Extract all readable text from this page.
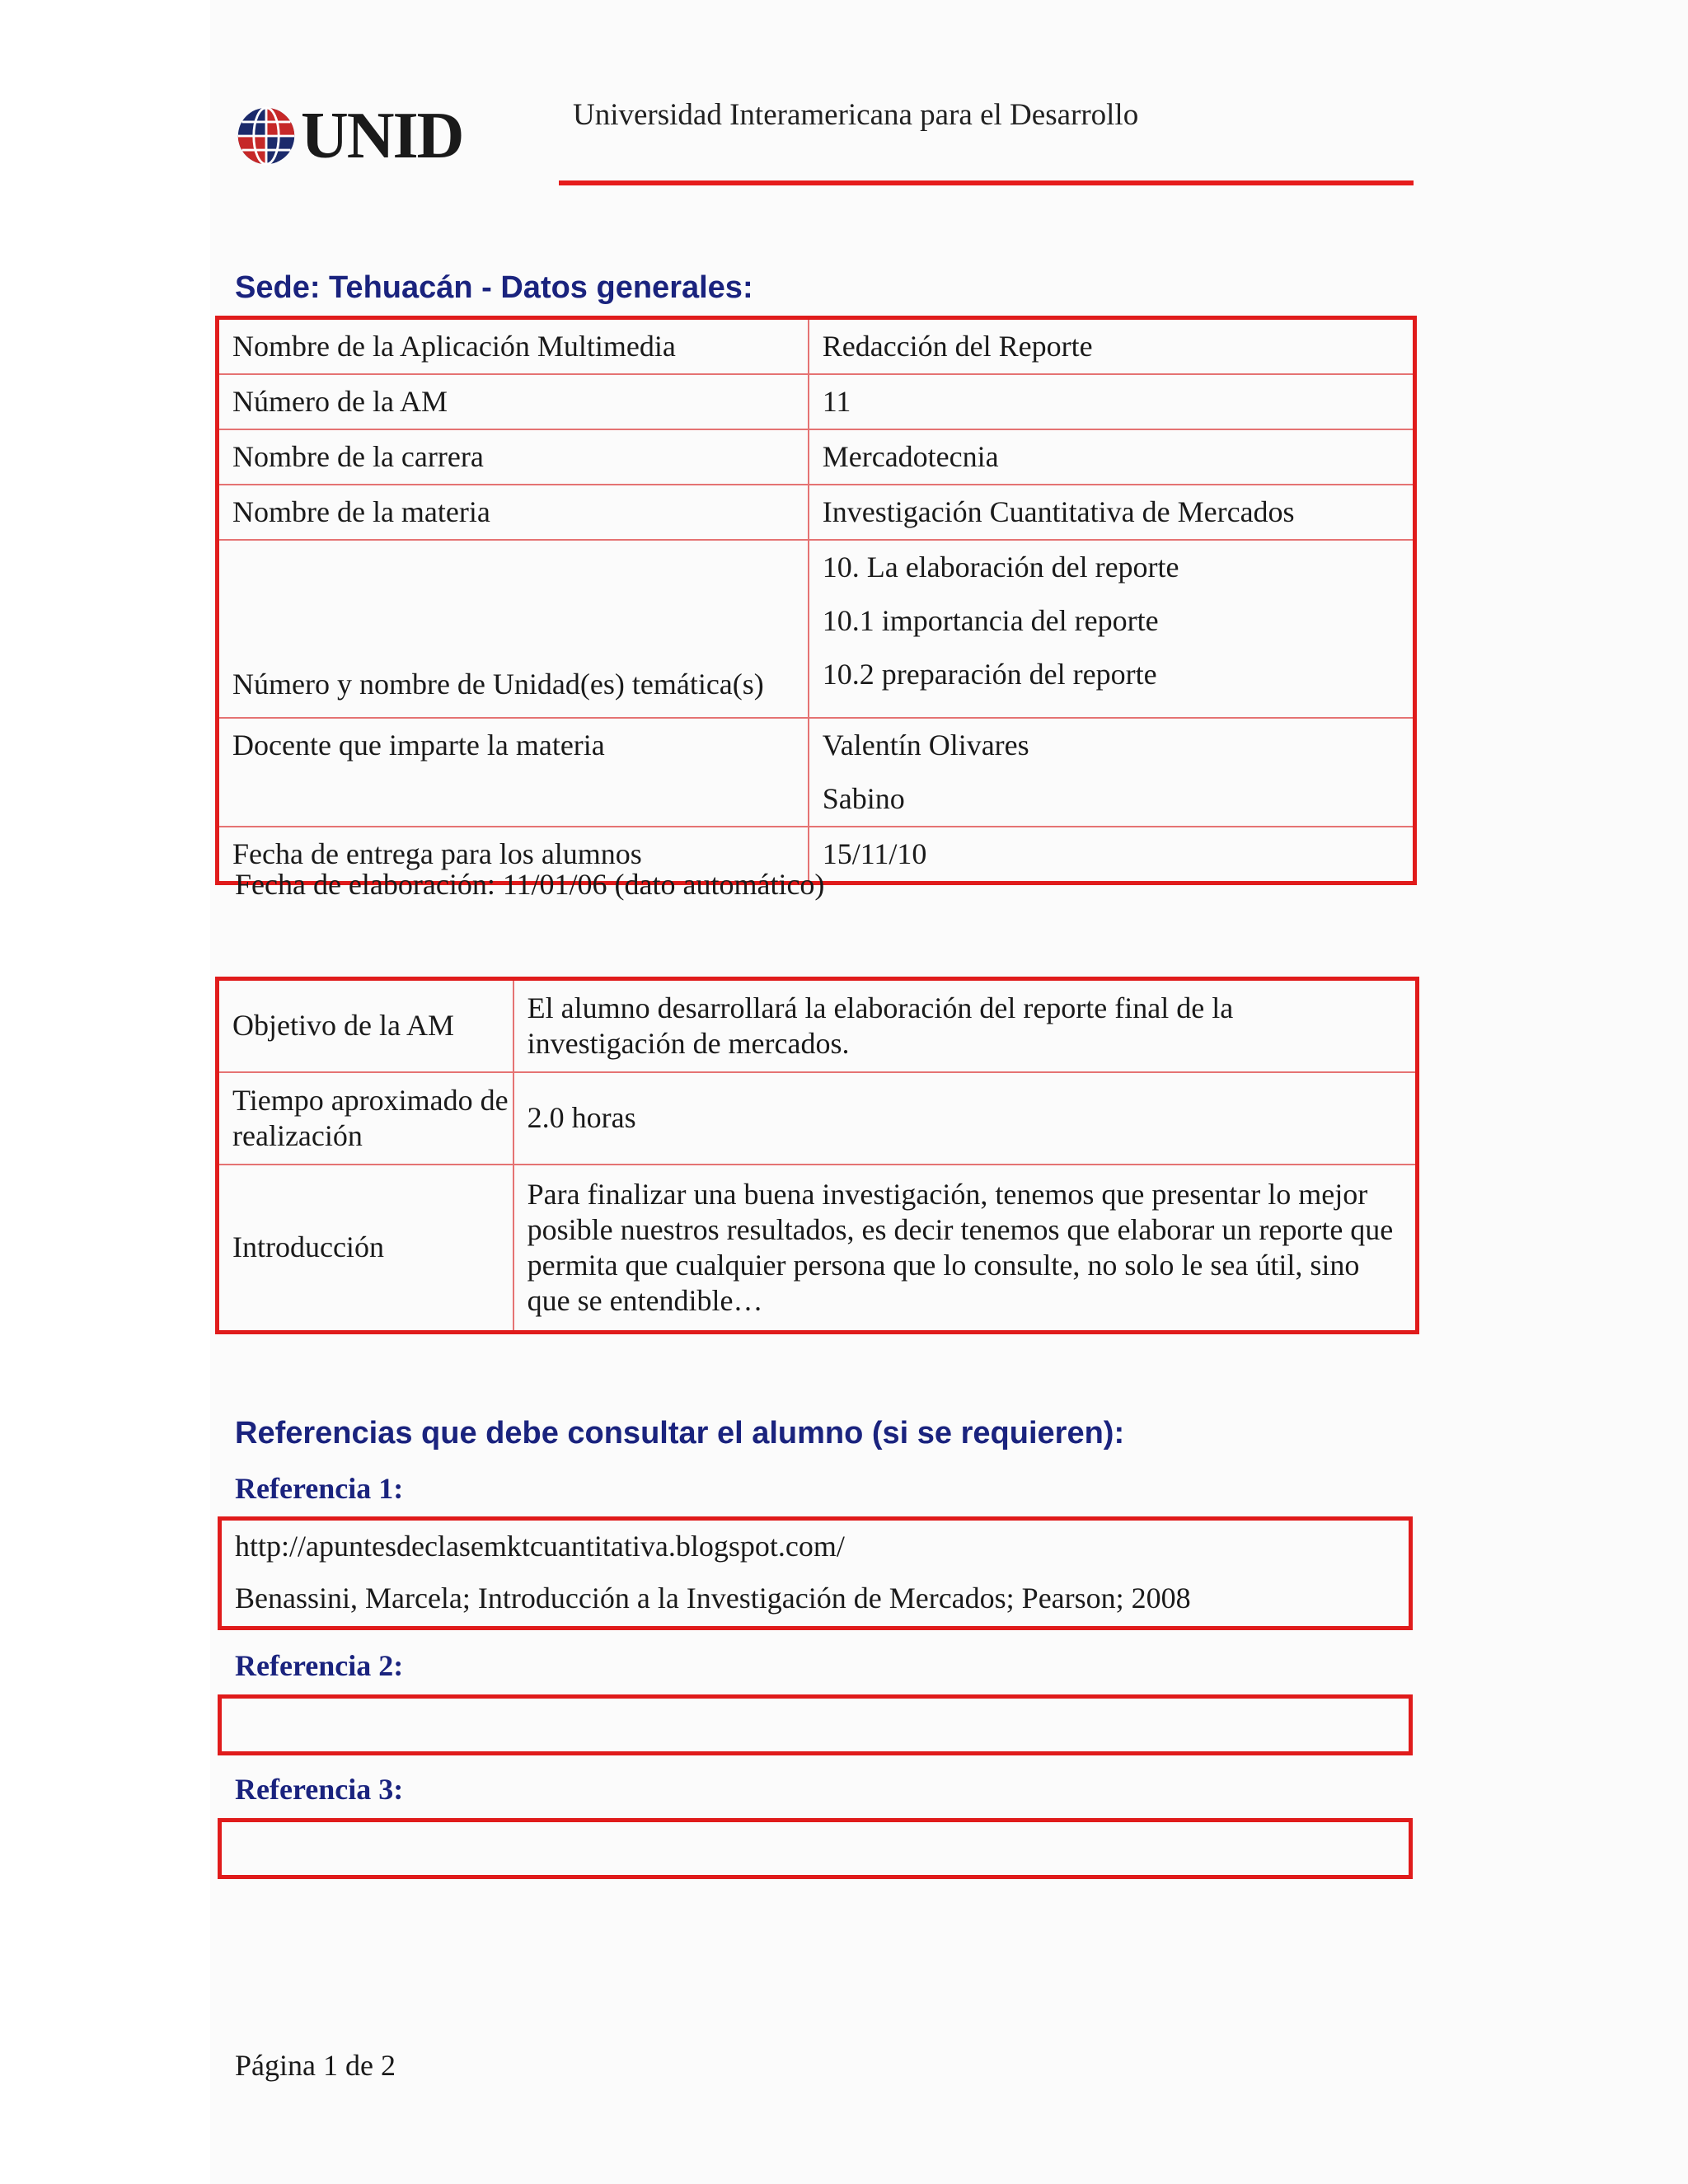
UNID	Universidad Interamericana para el Desarrollo
Sede: Tehuacán - Datos generales:
Nombre de la Aplicación Multimedia	Redacción del Reporte
Número de la AM	11
Nombre de la carrera	Mercadotecnia
Nombre de la materia	Investigación Cuantitativa de Mercados
Número y nombre de Unidad(es) temática(s)	10. La elaboración del reporte
10.1 importancia del reporte
10.2 preparación del reporte

Docente que imparte la materia	Valentín Olivares
Sabino

Fecha de entrega para los alumnos	15/11/10
Fecha de elaboración: 11/01/06 (dato automático)
Objetivo de la AM	El alumno desarrollará la elaboración del reporte final de la investigación de mercados.
Tiempo aproximado de realización	2.0 horas
Introducción	Para finalizar una buena investigación, tenemos que presentar lo mejor posible nuestros resultados, es decir tenemos que elaborar un reporte que permita que cualquier persona que lo consulte, no solo le sea útil, sino que se entendible…
Referencias que debe consultar el alumno (si se requieren):
Referencia 1:
http://apuntesdeclasemktcuantitativa.blogspot.com/
Benassini, Marcela; Introducción a la Investigación de Mercados; Pearson; 2008
Referencia 2:
Referencia 3:
Página 1 de 2
